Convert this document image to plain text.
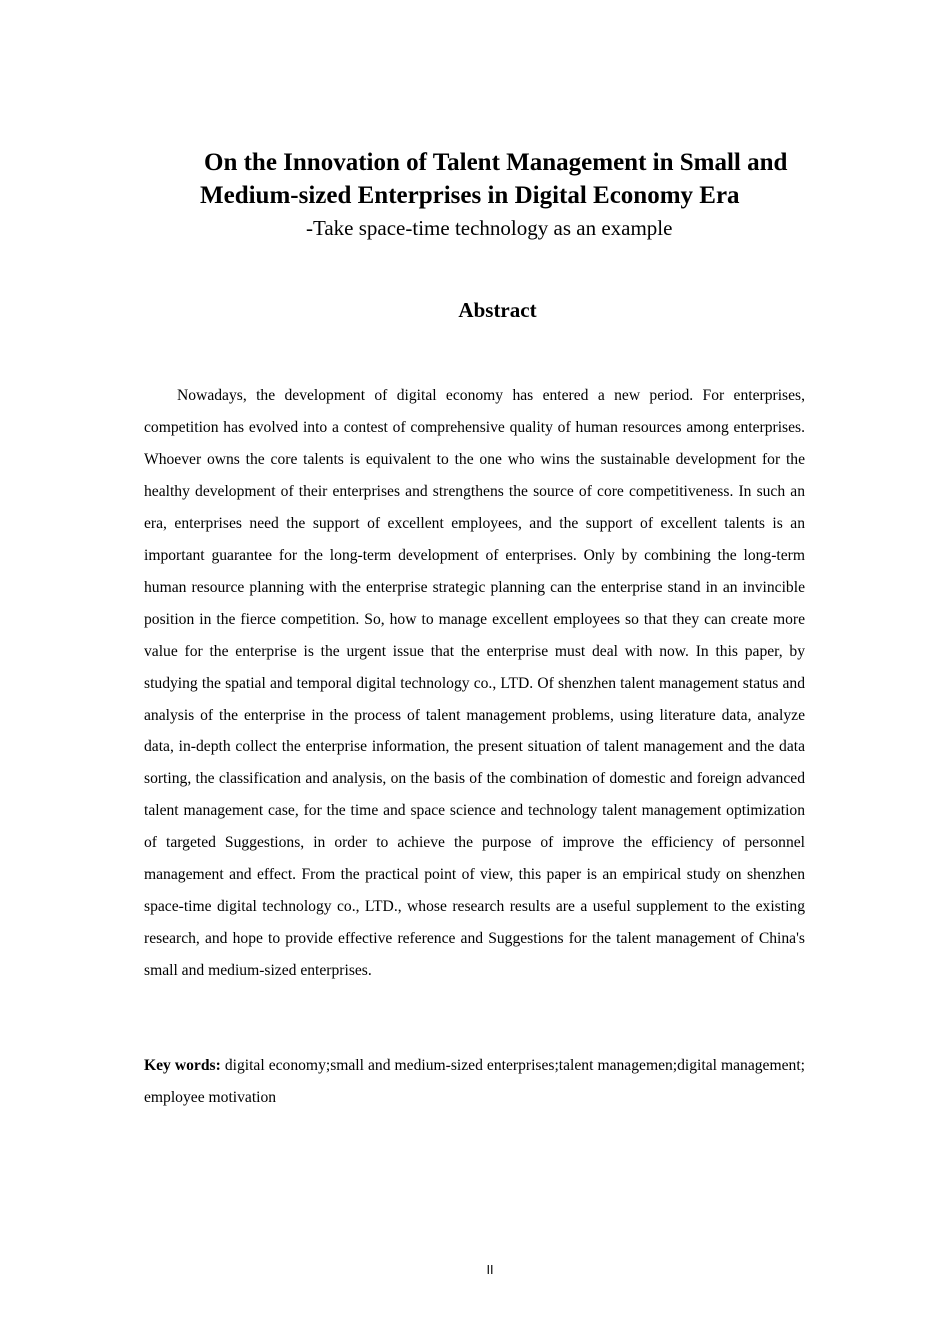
On the Innovation of Talent Management in Small and
Medium-sized Enterprises in Digital Economy Era
-Take space-time technology as an example
Abstract

Nowadays, the development of digital economy has entered a new period. For enterprises, competition has evolved into a contest of comprehensive quality of human resources among enterprises. Whoever owns the core talents is equivalent to the one who wins the sustainable development for the healthy development of their enterprises and strengthens the source of core competitiveness. In such an era, enterprises need the support of excellent employees, and the support of excellent talents is an important guarantee for the long-term development of enterprises. Only by combining the long-term human resource planning with the enterprise strategic planning can the enterprise stand in an invincible position in the fierce competition. So, how to manage excellent employees so that they can create more value for the enterprise is the urgent issue that the enterprise must deal with now. In this paper, by studying the spatial and temporal digital technology co., LTD. Of shenzhen talent management status and analysis of the enterprise in the process of talent management problems, using literature data, analyze data, in-depth collect the enterprise information, the present situation of talent management and the data sorting, the classification and analysis, on the basis of the combination of domestic and foreign advanced talent management case, for the time and space science and technology talent management optimization of targeted Suggestions, in order to achieve the purpose of improve the efficiency of personnel management and effect. From the practical point of view, this paper is an empirical study on shenzhen space-time digital technology co., LTD., whose research results are a useful supplement to the existing research, and hope to provide effective reference and Suggestions for the talent management of China's small and medium-sized enterprises.

Key words: digital economy;small and medium-sized enterprises;talent managemen;digital management; employee motivation

II
